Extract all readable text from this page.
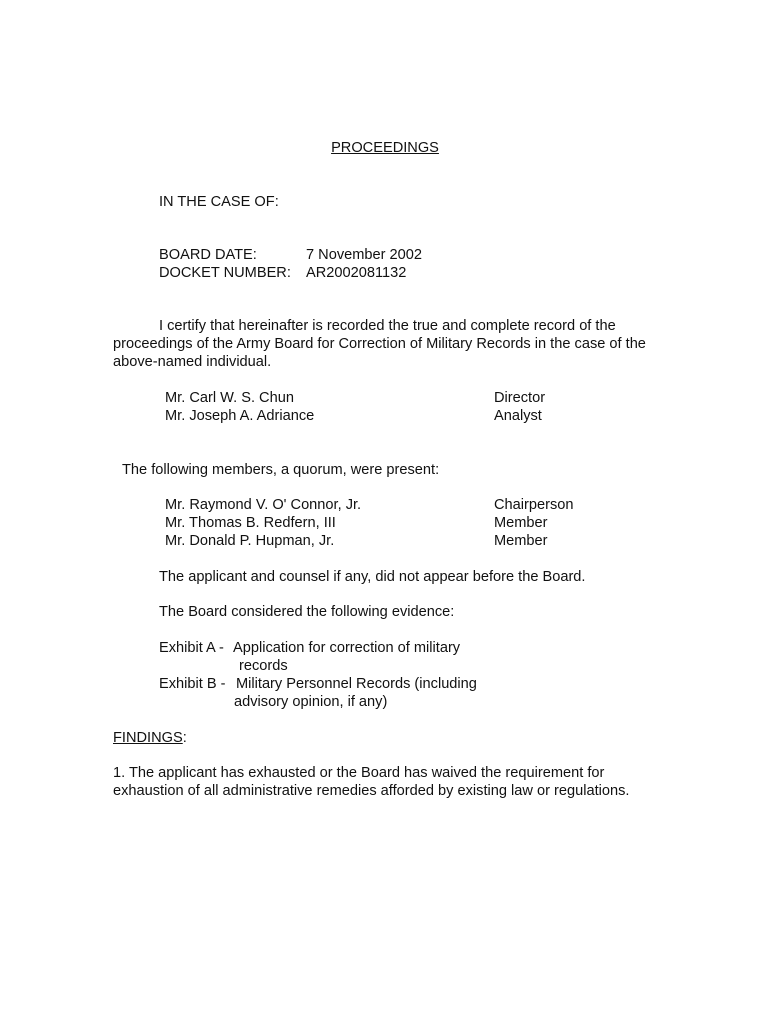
PROCEEDINGS
IN THE CASE OF:
BOARD DATE:	7 November 2002
DOCKET NUMBER: AR2002081132
I certify that hereinafter is recorded the true and complete record of the proceedings of the Army Board for Correction of Military Records in the case of the above-named individual.
Mr. Carl W. S. Chun	Director
Mr. Joseph A. Adriance	Analyst
The following members, a quorum, were present:
Mr. Raymond V. O' Connor, Jr.	Chairperson
Mr. Thomas B. Redfern, III	Member
Mr. Donald P. Hupman, Jr.	Member
The applicant and counsel if any, did not appear before the Board.
The Board considered the following evidence:
Exhibit A - Application for correction of military
records
Exhibit B - Military Personnel Records (including
advisory opinion, if any)
FINDINGS:
1. The applicant has exhausted or the Board has waived the requirement for exhaustion of all administrative remedies afforded by existing law or regulations.
